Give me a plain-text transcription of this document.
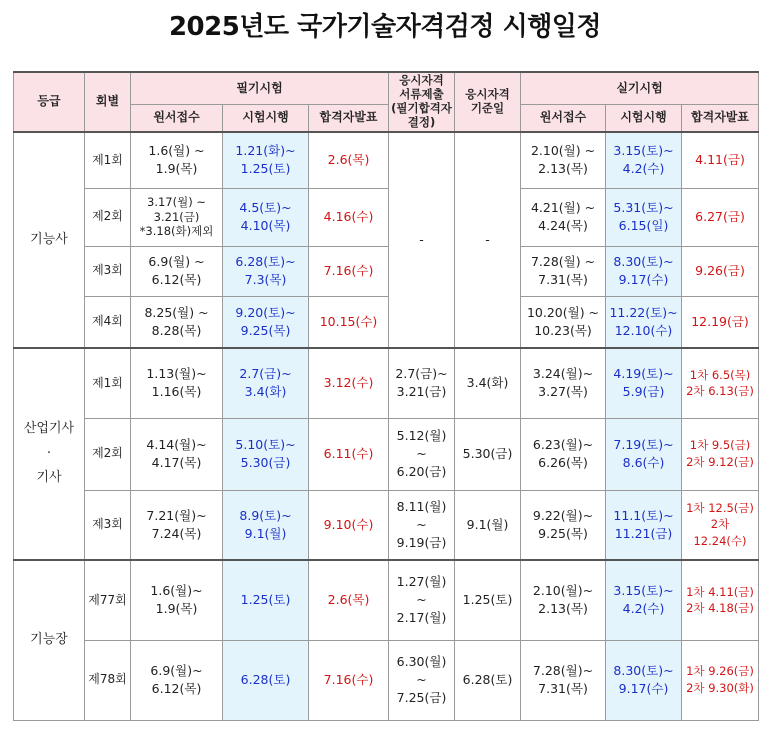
2025년도 국가기술자격검정 시행일정
등급	회별	필기시험			응시자격
서류제출
(필기합격자
결정)	응시자격
기준일	실기시험		
		원서접수	시험시행	합격자발표			원서접수	시험시행	합격자발표
기능사	제1회	1.6(월) ~
1.9(목)	1.21(화)~
1.25(토)	2.6(목)	-	-	2.10(월) ~
2.13(목)	3.15(토)~
4.2(수)	4.11(금)
	제2회	3.17(월) ~
3.21(금)
*3.18(화)제외	4.5(토)~
4.10(목)	4.16(수)			4.21(월) ~
4.24(목)	5.31(토)~
6.15(일)	6.27(금)
	제3회	6.9(월) ~
6.12(목)	6.28(토)~
7.3(목)	7.16(수)			7.28(월) ~
7.31(목)	8.30(토)~
9.17(수)	9.26(금)
	제4회	8.25(월) ~
8.28(목)	9.20(토)~
9.25(목)	10.15(수)			10.20(월) ~
10.23(목)	11.22(토)~
12.10(수)	12.19(금)
산업기사
·
기사	제1회	1.13(월)~
1.16(목)	2.7(금)~
3.4(화)	3.12(수)	2.7(금)~
3.21(금)	3.4(화)	3.24(월)~
3.27(목)	4.19(토)~
5.9(금)	1차 6.5(목)
2차 6.13(금)
	제2회	4.14(월)~
4.17(목)	5.10(토)~
5.30(금)	6.11(수)	5.12(월)
~
6.20(금)	5.30(금)	6.23(월)~
6.26(목)	7.19(토)~
8.6(수)	1차 9.5(금)
2차 9.12(금)
	제3회	7.21(월)~
7.24(목)	8.9(토)~
9.1(월)	9.10(수)	8.11(월)
~
9.19(금)	9.1(월)	9.22(월)~
9.25(목)	11.1(토)~
11.21(금)	1차 12.5(금)
2차 12.24(수)
기능장	제77회	1.6(월)~
1.9(목)	1.25(토)	2.6(목)	1.27(월)
~
2.17(월)	1.25(토)	2.10(월)~
2.13(목)	3.15(토)~
4.2(수)	1차 4.11(금)
2차 4.18(금)
	제78회	6.9(월)~
6.12(목)	6.28(토)	7.16(수)	6.30(월)
~
7.25(금)	6.28(토)	7.28(월)~
7.31(목)	8.30(토)~
9.17(수)	1차 9.26(금)
2차 9.30(화)
